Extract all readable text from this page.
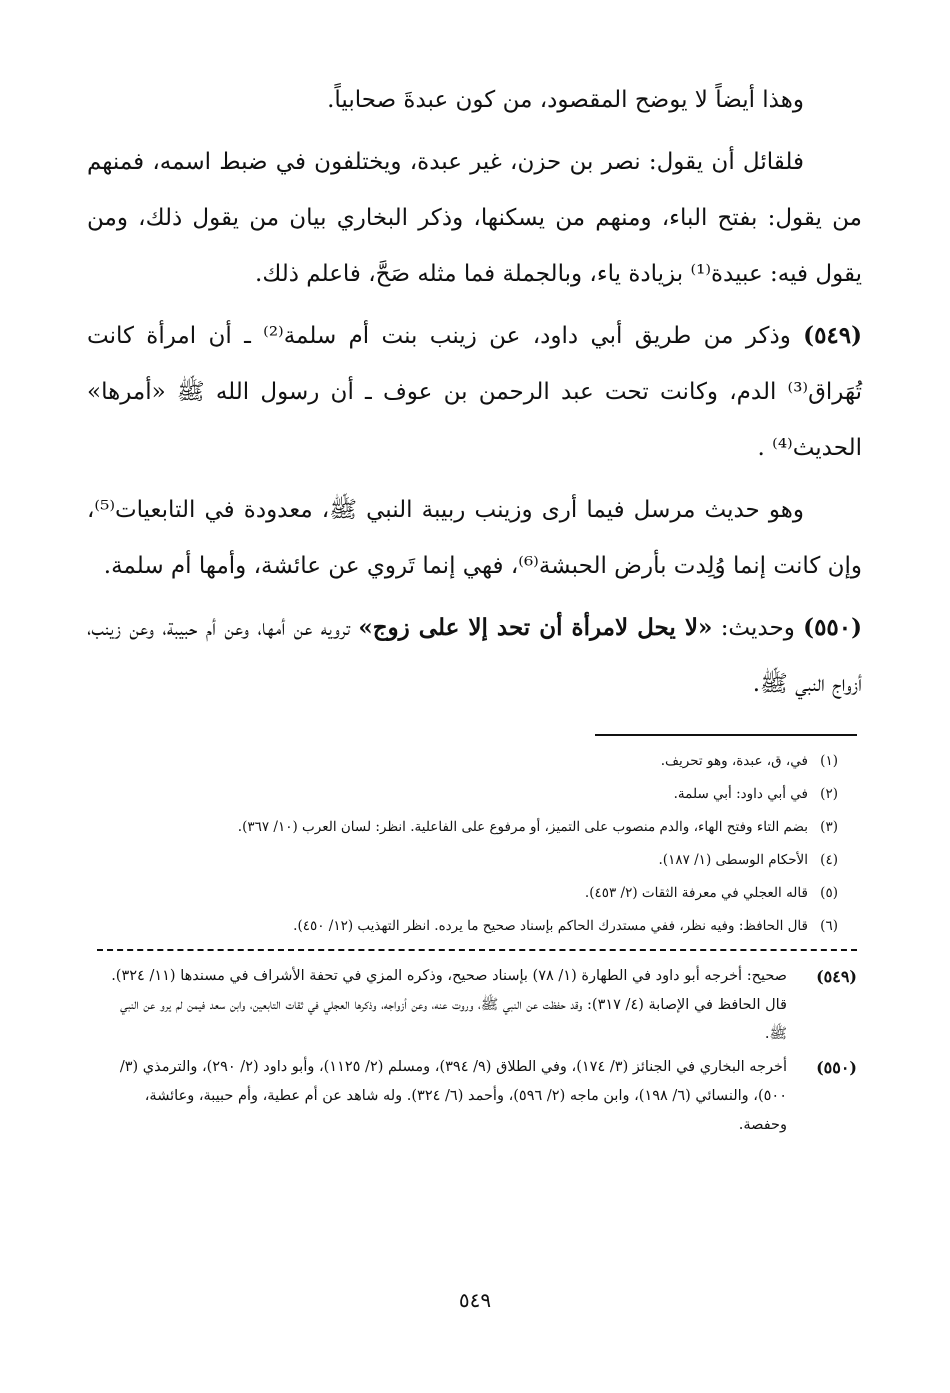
وهذا أيضاً لا يوضح المقصود، من كون عبدةَ صحابياً.

فلقائل أن يقول: نصر بن حزن، غير عبدة، ويختلفون في ضبط اسمه، فمنهم من يقول: بفتح الباء، ومنهم من يسكنها، وذكر البخاري بيان من يقول ذلك، ومن يقول فيه: عبيدة⁽¹⁾ بزيادة ياء، وبالجملة فما مثله صَحَّ، فاعلم ذلك.

(٥٤٩) وذكر من طريق أبي داود، عن زينب بنت أم سلمة⁽²⁾ ـ أن امرأة كانت تُهَراق⁽³⁾ الدم، وكانت تحت عبد الرحمن بن عوف ـ أن رسول الله ﷺ «أمرها» الحديث⁽⁴⁾ .

وهو حديث مرسل فيما أرى وزينب ربيبة النبي ﷺ، معدودة في التابعيات⁽⁵⁾، وإن كانت إنما وُلِدت بأرض الحبشة⁽⁶⁾، فهي إنما تَروي عن عائشة، وأمها أم سلمة.

(٥٥٠) وحديث: «لا يحل لامرأة أن تحد إلا على زوج» ترويه عن أمها، وعن أم حبيبة، وعن زينب، أزواج النبي ﷺ.

(١)في، ق، عبدة، وهو تحريف.
(٢)في أبي داود: أبي سلمة.
(٣)بضم التاء وفتح الهاء، والدم منصوب على التميز، أو مرفوع على الفاعلية. انظر: لسان العرب (١٠/ ٣٦٧).
(٤)الأحكام الوسطى (١/ ١٨٧).
(٥)قاله العجلي في معرفة الثقات (٢/ ٤٥٣).
(٦)قال الحافظ: وفيه نظر، ففي مستدرك الحاكم بإسناد صحيح ما يرده. انظر التهذيب (١٢/ ٤٥٠).
(٥٤٩)

صحيح: أخرجه أبو داود في الطهارة (١/ ٧٨) بإسناد صحيح، وذكره المزي في تحفة الأشراف في مسندها (١١/ ٣٢٤).

قال الحافظ في الإصابة (٤/ ٣١٧): وقد حفظت عن النبي ﷺ، وروت عنه، وعن أزواجه، وذكرها العجلي في ثقات التابعين، وابن سعد فيمن لم يرو عن النبي ﷺ.

(٥٥٠)

أخرجه البخاري في الجنائز (٣/ ١٧٤)، وفي الطلاق (٩/ ٣٩٤)، ومسلم (٢/ ١١٢٥)، وأبو داود (٢/ ٢٩٠)، والترمذي (٣/ ٥٠٠)، والنسائي (٦/ ١٩٨)، وابن ماجه (٢/ ٥٩٦)، وأحمد (٦/ ٣٢٤). وله شاهد عن أم عطية، وأم حبيبة، وعائشة، وحفصة.

٥٤٩
